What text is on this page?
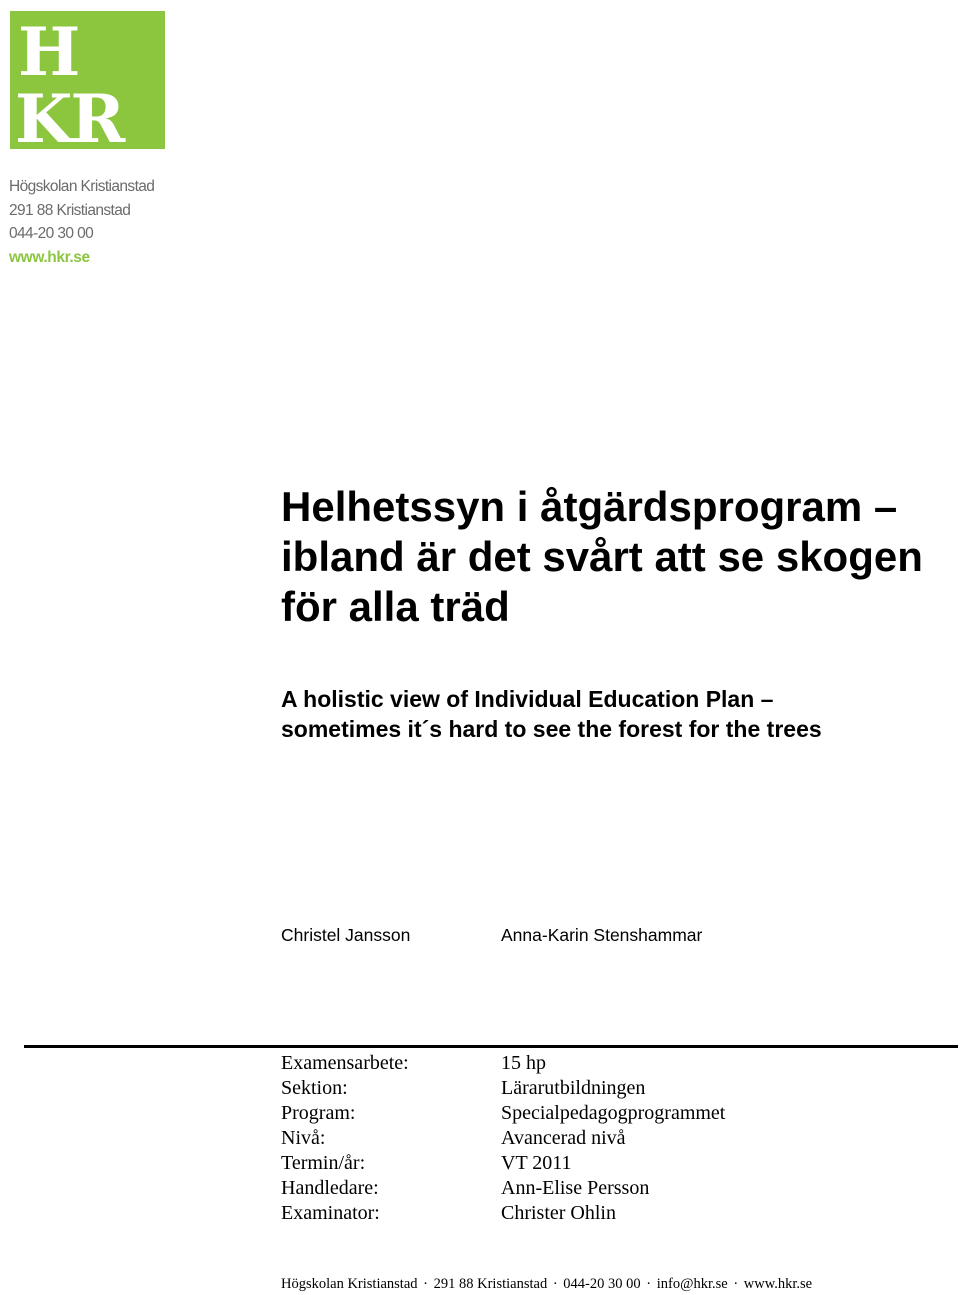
H
KR
Högskolan Kristianstad
291 88 Kristianstad
044-20 30 00
www.hkr.se
Helhetssyn i åtgärdsprogram –
ibland är det svårt att se skogen
för alla träd
A holistic view of Individual Education Plan –
sometimes it´s hard to see the forest for the trees
Christel Jansson	Anna-Karin Stenshammar
Examensarbete:	15 hp
Sektion:	Lärarutbildningen
Program:	Specialpedagogprogrammet
Nivå:	Avancerad nivå
Termin/år:	VT 2011
Handledare:	Ann-Elise Persson
Examinator:	Christer Ohlin
Högskolan Kristianstad · 291 88 Kristianstad · 044-20 30 00 · info@hkr.se · www.hkr.se
